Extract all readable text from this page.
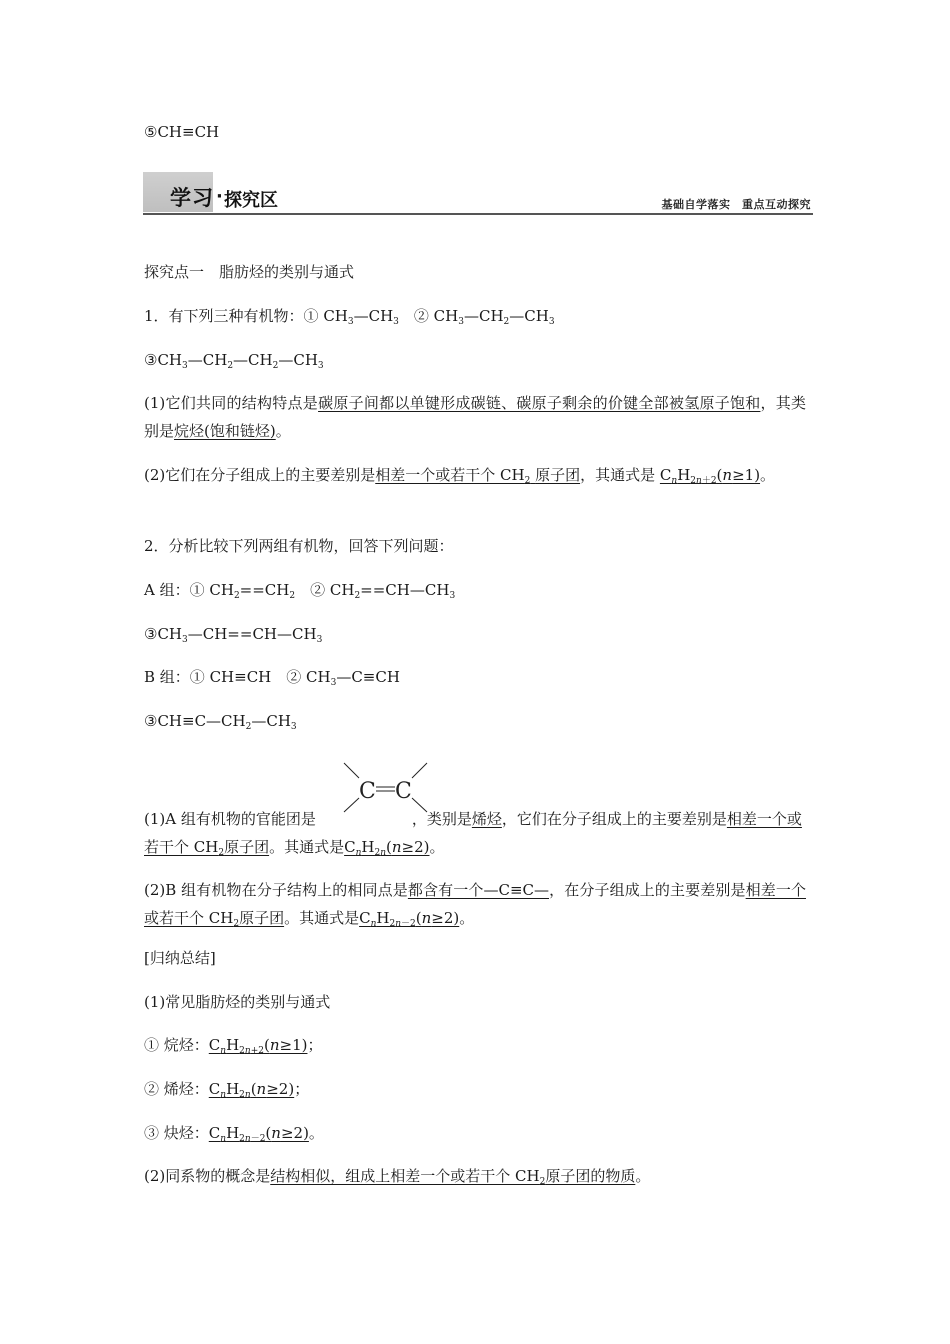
⑤CH≡CH
学习 · 探究区	基础自学落实　重点互动探究
探究点一　脂肪烃的类别与通式
1．有下列三种有机物：① $CH_3—CH_3$　② $CH_3—CH_2—CH_3$
$③CH_3—CH_2—CH_2—CH_3$
(1)它们共同的结构特点是碳原子间都以单键形成碳链、碳原子剩余的价键全部被氢原子饱和，其类别是烷烃(饱和链烃)。
(2)它们在分子组成上的主要差别是相差一个或若干个 $CH_2$ 原子团，其通式是 $C_nH_{2n+2}(n\ge 1)$。
2．分析比较下列两组有机物，回答下列问题：
A 组：① $CH_2==CH_2$　② $CH_2==CH—CH_3$
$③CH_3—CH==CH—CH_3$
B 组：① CH≡CH　② $CH_3—C\equiv CH$
$③CH\equiv C—CH_2—CH_3$
C C
(1)A 组有机物的官能团是	，类别是烯烃，它们在分子组成上的主要差别是相差一个或若干个 $CH_2$原子团。其通式是$C_nH_{2n}(n\ge 2)$。
(2)B 组有机物在分子结构上的相同点是都含有一个—C≡C—，在分子组成上的主要差别是相差一个或若干个 $CH_2$原子团。其通式是$C_nH_{2n-2}(n\ge 2)$。
[归纳总结]
(1)常见脂肪烃的类别与通式
① 烷烃：$C_nH_{2n+2}(n\ge 1)$；
② 烯烃：$C_nH_{2n}(n\ge 2)$；
③ 炔烃：$C_nH_{2n-2}(n\ge 2)$。
(2)同系物的概念是结构相似，组成上相差一个或若干个 $CH_2$原子团的物质。
